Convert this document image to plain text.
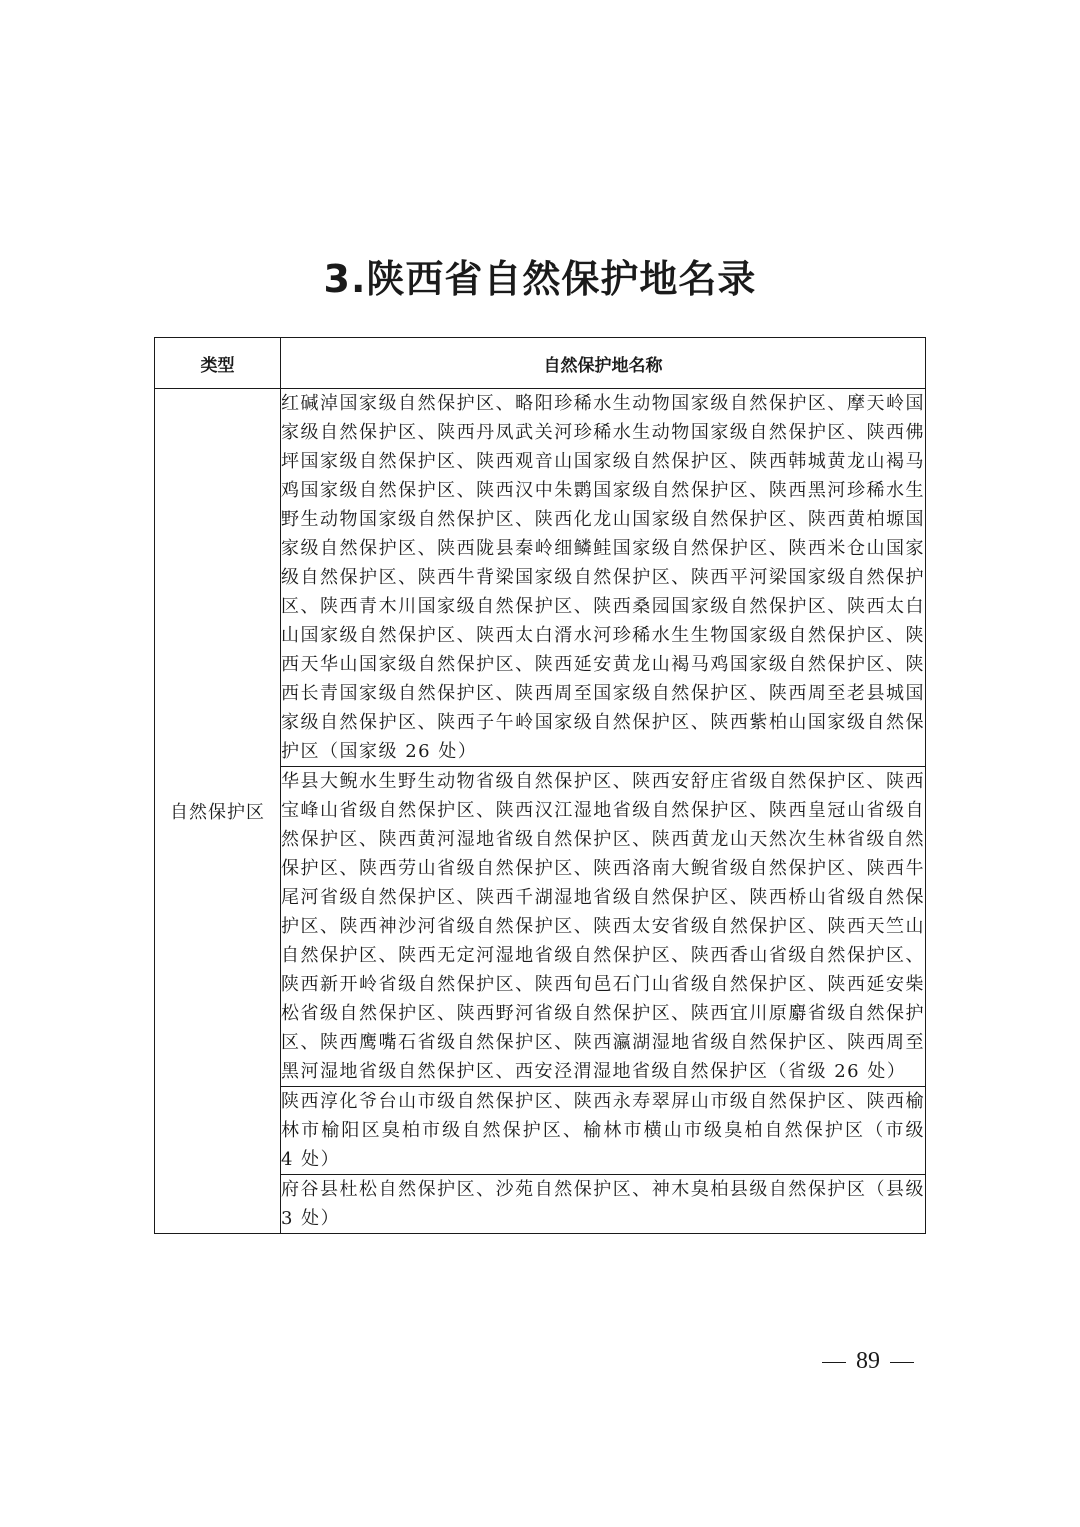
3.陕西省自然保护地名录
类型	自然保护地名称
自然保护区	红碱淖国家级自然保护区、略阳珍稀水生动物国家级自然保护区、摩天岭国家级自然保护区、陕西丹凤武关河珍稀水生动物国家级自然保护区、陕西佛坪国家级自然保护区、陕西观音山国家级自然保护区、陕西韩城黄龙山褐马鸡国家级自然保护区、陕西汉中朱鹮国家级自然保护区、陕西黑河珍稀水生野生动物国家级自然保护区、陕西化龙山国家级自然保护区、陕西黄柏塬国家级自然保护区、陕西陇县秦岭细鳞鲑国家级自然保护区、陕西米仓山国家级自然保护区、陕西牛背梁国家级自然保护区、陕西平河梁国家级自然保护区、陕西青木川国家级自然保护区、陕西桑园国家级自然保护区、陕西太白山国家级自然保护区、陕西太白湑水河珍稀水生生物国家级自然保护区、陕西天华山国家级自然保护区、陕西延安黄龙山褐马鸡国家级自然保护区、陕西长青国家级自然保护区、陕西周至国家级自然保护区、陕西周至老县城国家级自然保护区、陕西子午岭国家级自然保护区、陕西紫柏山国家级自然保护区（国家级 26 处）
	华县大鲵水生野生动物省级自然保护区、陕西安舒庄省级自然保护区、陕西宝峰山省级自然保护区、陕西汉江湿地省级自然保护区、陕西皇冠山省级自然保护区、陕西黄河湿地省级自然保护区、陕西黄龙山天然次生林省级自然保护区、陕西劳山省级自然保护区、陕西洛南大鲵省级自然保护区、陕西牛尾河省级自然保护区、陕西千湖湿地省级自然保护区、陕西桥山省级自然保护区、陕西神沙河省级自然保护区、陕西太安省级自然保护区、陕西天竺山自然保护区、陕西无定河湿地省级自然保护区、陕西香山省级自然保护区、陕西新开岭省级自然保护区、陕西旬邑石门山省级自然保护区、陕西延安柴松省级自然保护区、陕西野河省级自然保护区、陕西宜川原麝省级自然保护区、陕西鹰嘴石省级自然保护区、陕西瀛湖湿地省级自然保护区、陕西周至黑河湿地省级自然保护区、西安泾渭湿地省级自然保护区（省级 26 处）
	陕西淳化爷台山市级自然保护区、陕西永寿翠屏山市级自然保护区、陕西榆林市榆阳区臭柏市级自然保护区、榆林市横山市级臭柏自然保护区（市级 4 处）
	府谷县杜松自然保护区、沙苑自然保护区、神木臭柏县级自然保护区（县级 3 处）

89
